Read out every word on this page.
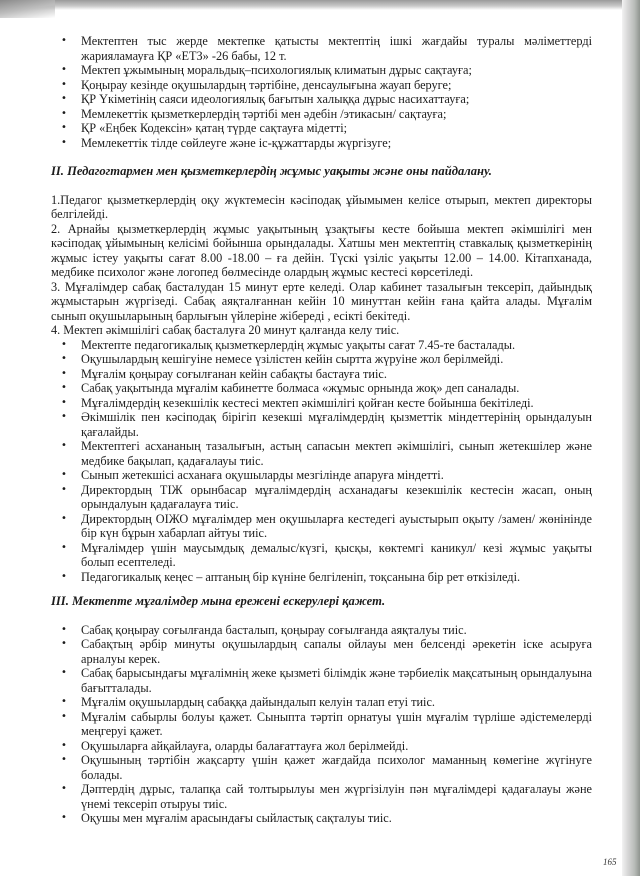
• Мектептен тыс жерде мектепке қатысты мектептің ішкі жағдайы туралы мәліметтерді жарияламауға ҚР «ЕТЗ» -26 бабы, 12 т.
• Мектеп ұжымының моральдық–психологиялық климатын дұрыс сақтауға;
• Қоңырау кезінде оқушылардың тәртібіне, денсаулығына жауап беруге;
• ҚР Үкіметінің саяси идеологиялық бағытын халыққа дұрыс насихаттауға;
• Мемлекеттік қызметкерлердің тәртібі мен әдебін /этикасын/ сақтауға;
• ҚР «Еңбек Кодексін» қатаң түрде сақтауға мідетті;
• Мемлекеттік тілде сөйлеуге және іс-құжаттарды жүргізуге;

II. Педагогтармен мен қызметкерлердің жұмыс уақыты және оны пайдалану.

1.Педагог қызметкерлердің оқу жүктемесін кәсіподақ ұйымымен келісе отырып, мектеп директоры белгілейді.

2. Арнайы қызметкерлердің жұмыс уақытының ұзақтығы кесте бойыша мектеп әкімшілігі мен кәсіподақ ұйымының келісімі бойынша орындалады. Хатшы мен мектептің ставкалық қызметкерінің жұмыс істеу уақыты сағат 8.00 -18.00 – ға дейін. Түскі үзіліс уақыты 12.00 – 14.00. Кітапханада, медбике психолог және логопед бөлмесінде олардың жұмыс кестесі көрсетіледі.

3. Мұғалімдер сабақ басталудан 15 минут ерте келеді. Олар кабинет тазалығын тексеріп, дайындық жұмыстарын жүргізеді. Сабақ аяқталғаннан кейін 10 минуттан кейін ғана қайта алады. Мұғалім сынып оқушыларының барлығын үйлеріне жібереді , есікті бекітеді.

4. Мектеп әкімшілігі сабақ басталуға 20 минут қалғанда келу тиіс.

• Мектепте педагогикалық қызметкерлердің жұмыс уақыты сағат 7.45-те басталады.
• Оқушылардың кешігуіне немесе үзілістен кейін сыртта жүруіне жол берілмейді.
• Мұғалім қоңырау соғылғанан кейін сабақты бастауға тиіс.
• Сабақ уақытында мұғалім кабинетте болмаса «жұмыс орнында жоқ» деп саналады.
• Мұғалімдердің кезекшілік кестесі мектеп әкімшілігі қойған кесте бойынша бекітіледі.
• Әкімшілік пен кәсіподақ бірігіп кезекші мұғалімдердің қызметтік міндеттерінің орындалуын қағалайды.
• Мектептегі асхананың тазалығын, астың сапасын мектеп әкімшілігі, сынып жетекшілер және медбике бақылап, қадағалауы тиіс.
• Сынып жетекшісі асханаға оқушыларды мезгілінде апаруға міндетті.
• Директордың ТІЖ орынбасар мұғалімдердің асханадағы кезекшілік кестесін жасап, оның орындалуын қадағалауға тиіс.
• Директордың ОІЖО мұғалімдер мен оқушыларға кестедегі ауыстырып оқыту /замен/ жөнінінде бір күн бұрын хабарлап айтуы тиіс.
• Мұғалімдер үшін маусымдық демалыс/күзгі, қысқы, көктемгі каникул/ кезі жұмыс уақыты болып есептеледі.
• Педагогикалық кеңес – аптаның бір күніне белгіленіп, тоқсанына бір рет өткізіледі.

III. Мектепте мұғалімдер мына ережені ескерулері қажет.

• Сабақ қоңырау соғылғанда басталып, қоңырау соғылғанда аяқталуы тиіс.
• Сабақтың әрбір минуты оқушылардың сапалы ойлауы мен белсенді әрекетін іске асыруға арналуы керек.
• Сабақ барысындағы мұғалімнің жеке қызметі білімдік және тәрбиелік мақсатының орындалуына бағытталады.
• Мұғалім оқушылардың сабаққа дайындалып келуін талап етуі тиіс.
• Мұғалім сабырлы болуы қажет. Сыныпта тәртіп орнатуы үшін мұғалім түрліше әдістемелерді меңгеруі қажет.
• Оқушыларға айқайлауға, оларды балағаттауға жол берілмейді.
• Оқушының тәртібін жақсарту үшін қажет жағдайда психолог маманның көмегіне жүгінуге болады.
• Дәптердің дұрыс, талапқа сай толтырылуы мен жүргізілуін пән мұғалімдері қадағалауы және үнемі тексеріп отыруы тиіс.
• Оқушы мен мұғалім арасындағы сыйластық сақталуы тиіс.
165
